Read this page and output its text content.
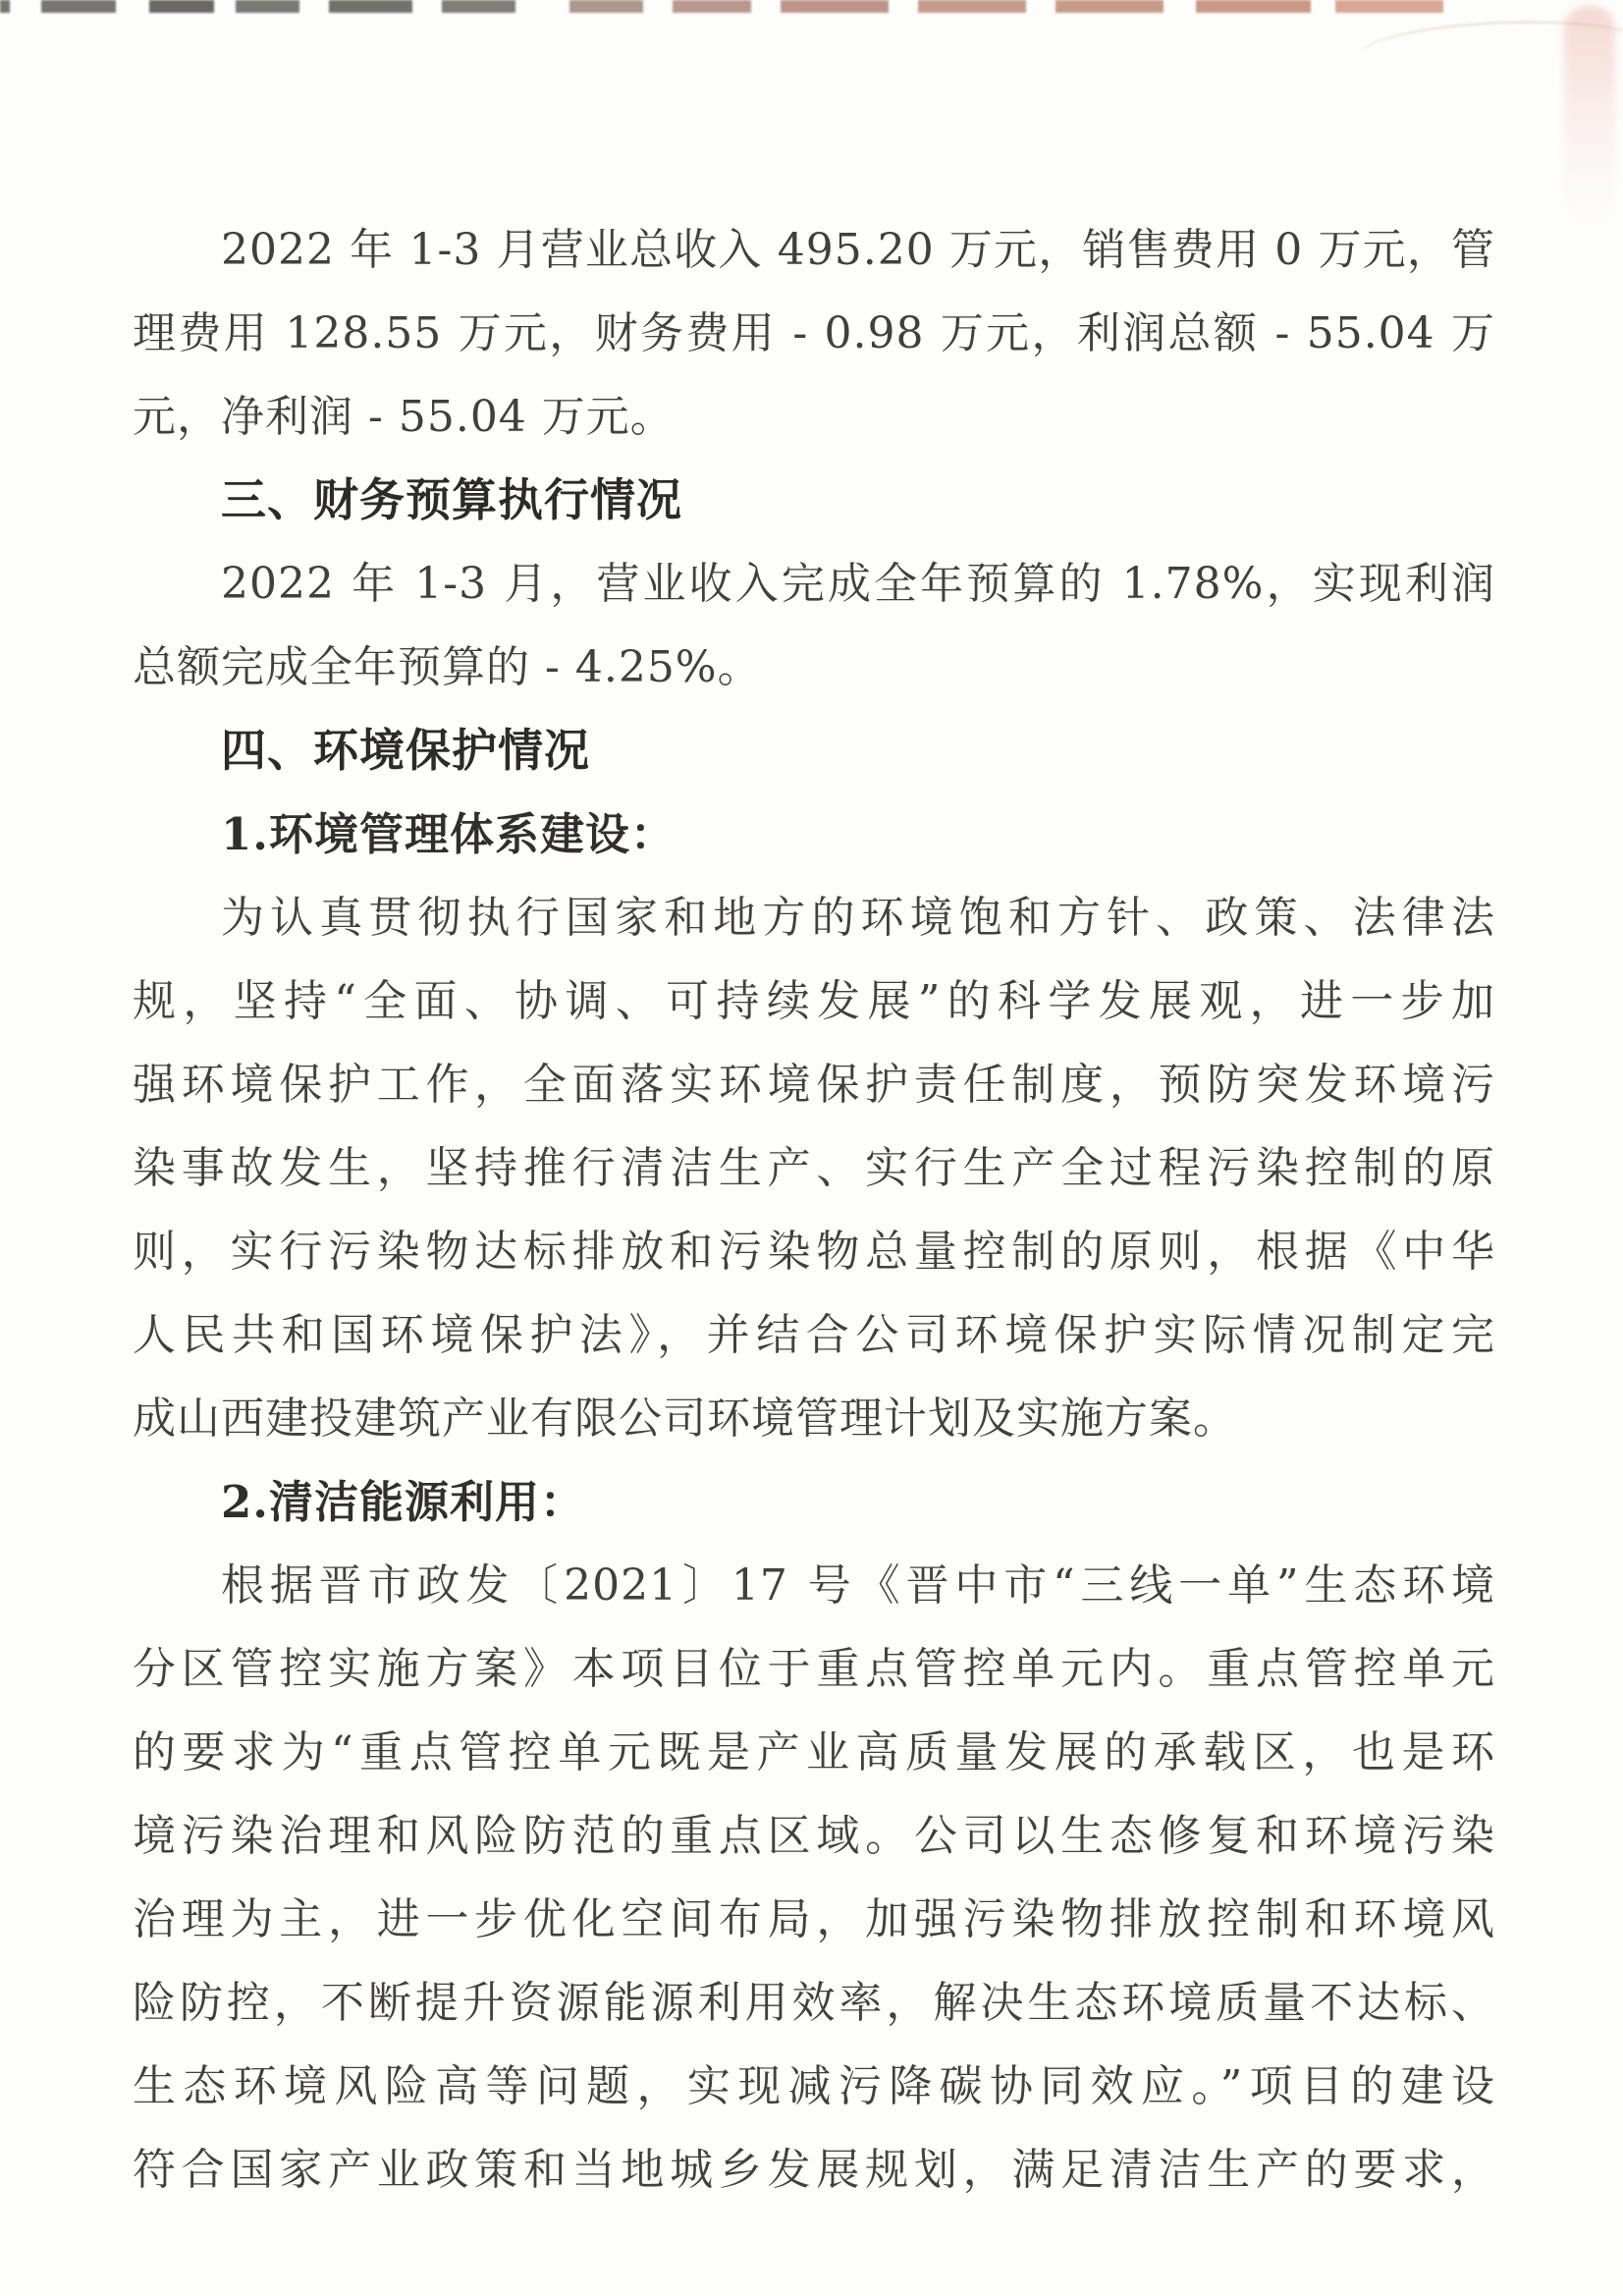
2022 年 1-3 月营业总收入 495.20 万元，销售费用 0 万元，管
理费用 128.55 万元，财务费用 - 0.98 万元，利润总额 - 55.04 万
元，净利润 - 55.04 万元。
三、财务预算执行情况
2022 年 1-3 月，营业收入完成全年预算的 1.78%，实现利润
总额完成全年预算的 - 4.25%。
四、环境保护情况
1.环境管理体系建设：
为认真贯彻执行国家和地方的环境饱和方针、政策、法律法
规，坚持“全面、协调、可持续发展”的科学发展观，进一步加
强环境保护工作，全面落实环境保护责任制度，预防突发环境污
染事故发生，坚持推行清洁生产、实行生产全过程污染控制的原
则，实行污染物达标排放和污染物总量控制的原则，根据《中华
人民共和国环境保护法》，并结合公司环境保护实际情况制定完
成山西建投建筑产业有限公司环境管理计划及实施方案。
2.清洁能源利用：
根据晋市政发〔2021〕17 号《晋中市“三线一单”生态环境
分区管控实施方案》本项目位于重点管控单元内。重点管控单元
的要求为“重点管控单元既是产业高质量发展的承载区，也是环
境污染治理和风险防范的重点区域。公司以生态修复和环境污染
治理为主，进一步优化空间布局，加强污染物排放控制和环境风
险防控，不断提升资源能源利用效率，解决生态环境质量不达标、
生态环境风险高等问题，实现减污降碳协同效应。”项目的建设
符合国家产业政策和当地城乡发展规划，满足清洁生产的要求，
